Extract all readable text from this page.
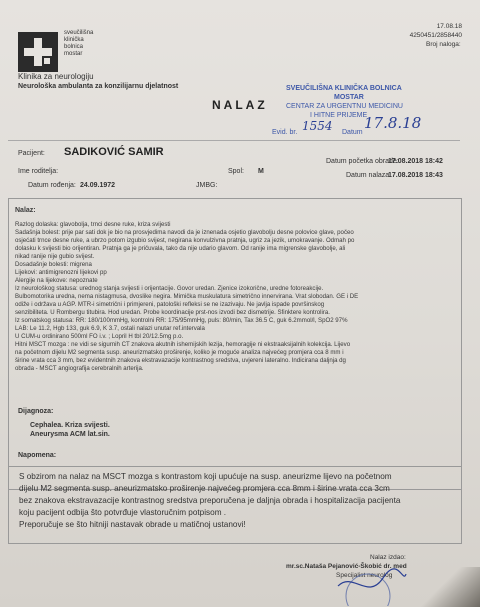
sveučilišna
klinička
bolnica
mostar
17.08.18
4250451/2858440
Broj naloga:
Klinika za neurologiju
Neurološka ambulanta za konzilijarnu djelatnost
NALAZ
SVEUČILIŠNA KLINIČKA BOLNICA
MOSTAR
CENTAR ZA URGENTNU MEDICINU
I HITNE PRIJEME
Evid. br. 1554 Datum
17.8.18
Pacijent: SADIKOVIĆ SAMIR
Datum početka obrade:
17.08.2018 18:42
Ime roditelja:	Spol: M
Datum nalaza:
17.08.2018 18:43
Datum rođenja: 24.09.1972	JMBG:
Nalaz:
Razlog dolaska: glavobolja, trnci desne ruke, kriza svijesti
Sadašnja bolest: prije par sati dok je bio na prosvjedima navodi da je iznenada osjetio glavobolju desne polovice glave, počeo
osjećati trnce desne ruke, a ubrzo potom izgubio svijest, negirana konvulzivna pratnja, ugriz za jezik, umokravanje. Odmah po
dolasku k svijesti bio orijentiran. Pratnja ga je pričuvala, tako da nije udario glavom. Od ranije ima migrenske glavobolje, ali
nikad ranije nije gubio svijest.
Dosadašnje bolesti: migrena
Lijekovi: antimigrenozni lijekovi pp
Alergije na lijekove: nepoznate
Iz neurološkog statusa: urednog stanja svijesti i orijentacije. Govor uredan. Zjenice izokorične, uredne fotoreakcije.
Bulbomotorika uredna, nema nistagmusa, dvoslike negira. Mimička muskulatura simetrično innervirana. Vrat slobodan. GE i DE
odiže i održava u AGP. MTR-i simetrični i primjereni, patološki refleksi se ne izazivaju. Ne javlja ispade površinskog
senzibiliteta. U Rombergu titubira. Hod uredan. Probe koordinacije prst-nos izvodi bez dismetrije. Sfinktere kontrolira.
Iz somatskog statusa: RR: 180/100mmHg, kontrolni RR: 175/95mmHg, puls: 80/min, Tax 36.5 C, guk 6.2mmol/l, SpO2 97%
LAB: Le 11.2, Hgb 133, guk 6.9, K 3.7, ostali nalazi unutar ref.intervala
U CUM-u ordinirano 500ml FO i.v. ; Lopril H tbl 20/12.5mg p.o.
Hitni MSCT mozga : ne vidi se sigurnih CT znakova akutnih ishemijskih lezija, hemoragije ni ekstraaksijalnih kolekcija. Lijevo
na početnom dijelu M2 segmenta susp. aneurizmatsko proširenje, koliko je moguće analiza najvećeg promjera cca 8 mm i
širine vrata cca 3 mm, bez evidentnih znakova ekstravazacije kontrastnog sredstva, uvjereni lateralno. Indicirana daljnja dg
obrada - MSCT angiografija cerebralnih arterija.
Dijagnoza:
Cephalea. Kriza svijesti.
Aneurysma ACM lat.sin.
Napomena:
S obzirom na nalaz na MSCT mozga s kontrastom koji upućuje na susp. aneurizme lijevo na početnom
dijelu M2 segmenta susp. aneurizmatsko proširenje najvećeg promjera cca 8mm i širine vrata cca 3cm
bez znakova ekstravazacije kontrastnog sredstva preporučena je daljnja obrada i hospitalizacija pacijenta
koju pacijent odbija što potvrđuje vlastoručnim potpisom .
Preporučuje se što hitniji nastavak obrade u matičnoj ustanovi!
Nalaz izdao:
mr.sc.Nataša Pejanović-Škobić dr. med
Specijalist neurolog
